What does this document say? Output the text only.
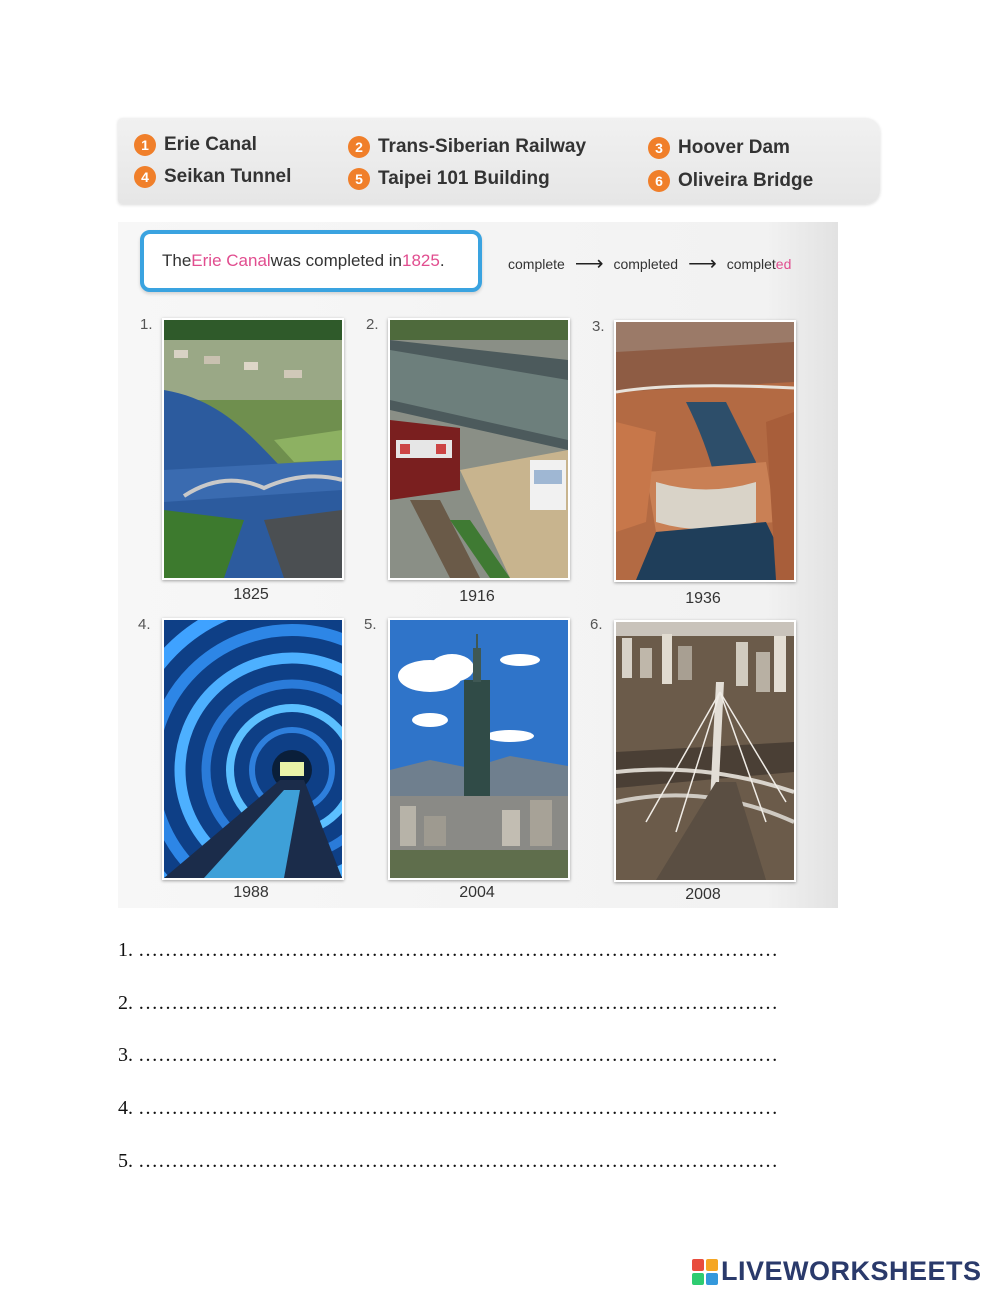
1 Erie Canal	2 Trans-Siberian Railway	3 Hoover Dam
4 Seikan Tunnel	5 Taipei 101 Building	6 Oliveira Bridge
The Erie Canal was completed in 1825 .	complete ⟶ completed ⟶ completed
1.
1825
2.
1916
3.
1936
4.
1988
5.
2004
6.
2008
1. ……………………………………………………………………………………
2. ……………………………………………………………………………………
3. ……………………………………………………………………………………
4. ……………………………………………………………………………………
5. ……………………………………………………………………………………
LIVEWORKSHEETS
